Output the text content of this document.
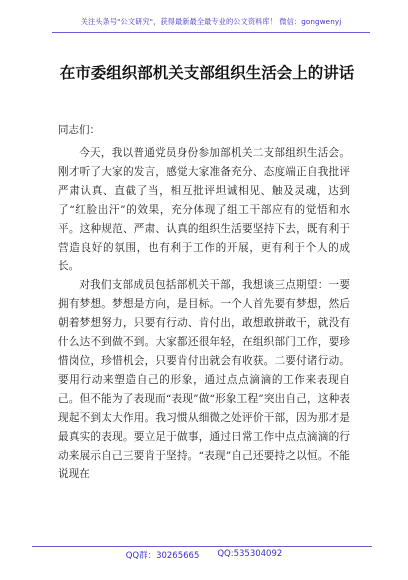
关注头条号"公文研究"，获得最新最全最专业的公文资料库！ 微信：gongwenyj
在市委组织部机关支部组织生活会上的讲话
同志们：

今天，我以普通党员身份参加部机关二支部组织生活会。刚才听了大家的发言，感觉大家准备充分、态度端正自我批评严肃认真、直截了当，相互批评坦诚相见、触及灵魂，达到了“红脸出汗”的效果，充分体现了组工干部应有的觉悟和水平。这种规范、严肃、认真的组织生活要坚持下去，既有利于营造良好的氛围，也有利于工作的开展，更有利于个人的成长。

对我们支部成员包括部机关干部，我想谈三点期望：一要拥有梦想。梦想是方向，是目标。一个人首先要有梦想，然后朝着梦想努力，只要有行动、肯付出，敢想敢拼敢干，就没有什么达不到做不到。大家都还很年轻，在组织部门工作，要珍惜岗位，珍惜机会，只要肯付出就会有收获。二要付诸行动。要用行动来塑造自己的形象，通过点点滴滴的工作来表现自己。但不能为了表现而“表现”做“形象工程”突出自己，这种表现起不到太大作用。我习惯从细微之处评价干部，因为那才是最真实的表现。要立足于做事，通过日常工作中点点滴滴的行动来展示自己三要肯于坚持。“表现”自己还要持之以恒。不能说现在

QQ群：30265665 QQ:535304092
